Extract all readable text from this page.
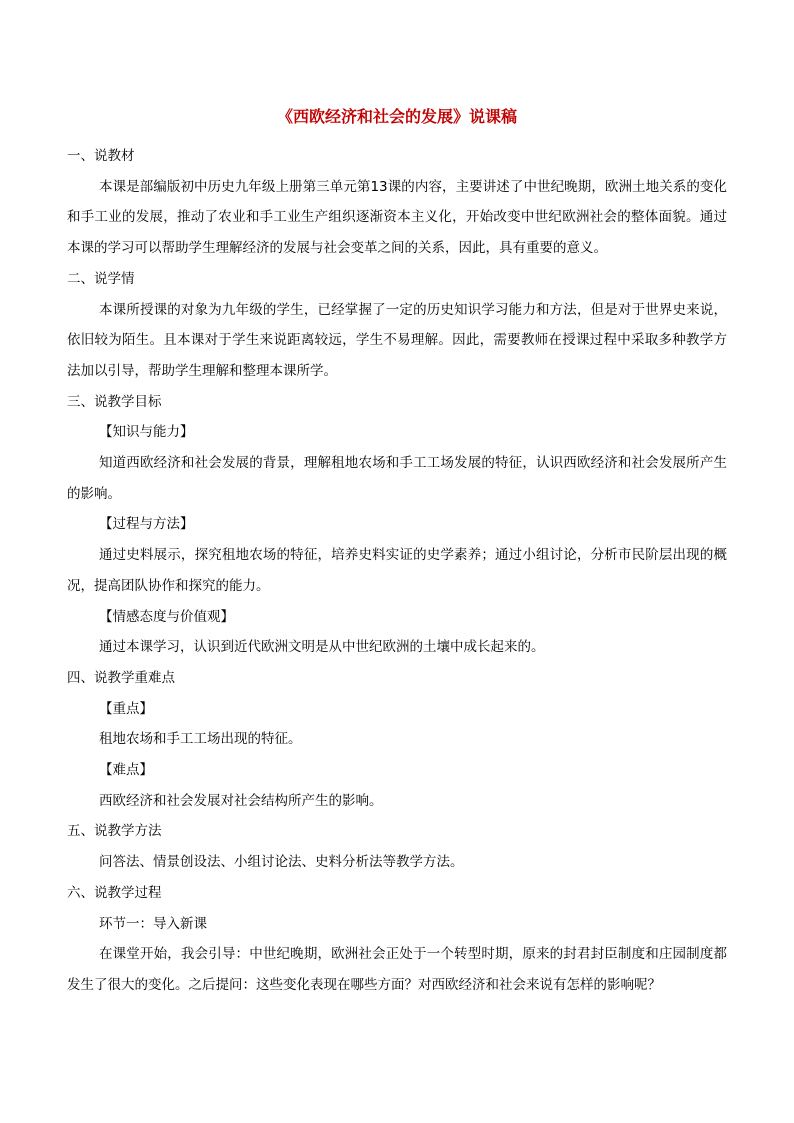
《西欧经济和社会的发展》说课稿

一、说教材

本课是部编版初中历史九年级上册第三单元第13课的内容，主要讲述了中世纪晚期，欧洲土地关系的变化和手工业的发展，推动了农业和手工业生产组织逐渐资本主义化，开始改变中世纪欧洲社会的整体面貌。通过本课的学习可以帮助学生理解经济的发展与社会变革之间的关系，因此，具有重要的意义。

二、说学情

本课所授课的对象为九年级的学生，已经掌握了一定的历史知识学习能力和方法，但是对于世界史来说，依旧较为陌生。且本课对于学生来说距离较远，学生不易理解。因此，需要教师在授课过程中采取多种教学方法加以引导，帮助学生理解和整理本课所学。

三、说教学目标

【知识与能力】

知道西欧经济和社会发展的背景，理解租地农场和手工工场发展的特征，认识西欧经济和社会发展所产生的影响。

【过程与方法】

通过史料展示，探究租地农场的特征，培养史料实证的史学素养；通过小组讨论，分析市民阶层出现的概况，提高团队协作和探究的能力。

【情感态度与价值观】

通过本课学习，认识到近代欧洲文明是从中世纪欧洲的土壤中成长起来的。

四、说教学重难点

【重点】

租地农场和手工工场出现的特征。

【难点】

西欧经济和社会发展对社会结构所产生的影响。

五、说教学方法

问答法、情景创设法、小组讨论法、史料分析法等教学方法。

六、说教学过程

环节一：导入新课

在课堂开始，我会引导：中世纪晚期，欧洲社会正处于一个转型时期，原来的封君封臣制度和庄园制度都发生了很大的变化。之后提问：这些变化表现在哪些方面？对西欧经济和社会来说有怎样的影响呢？
